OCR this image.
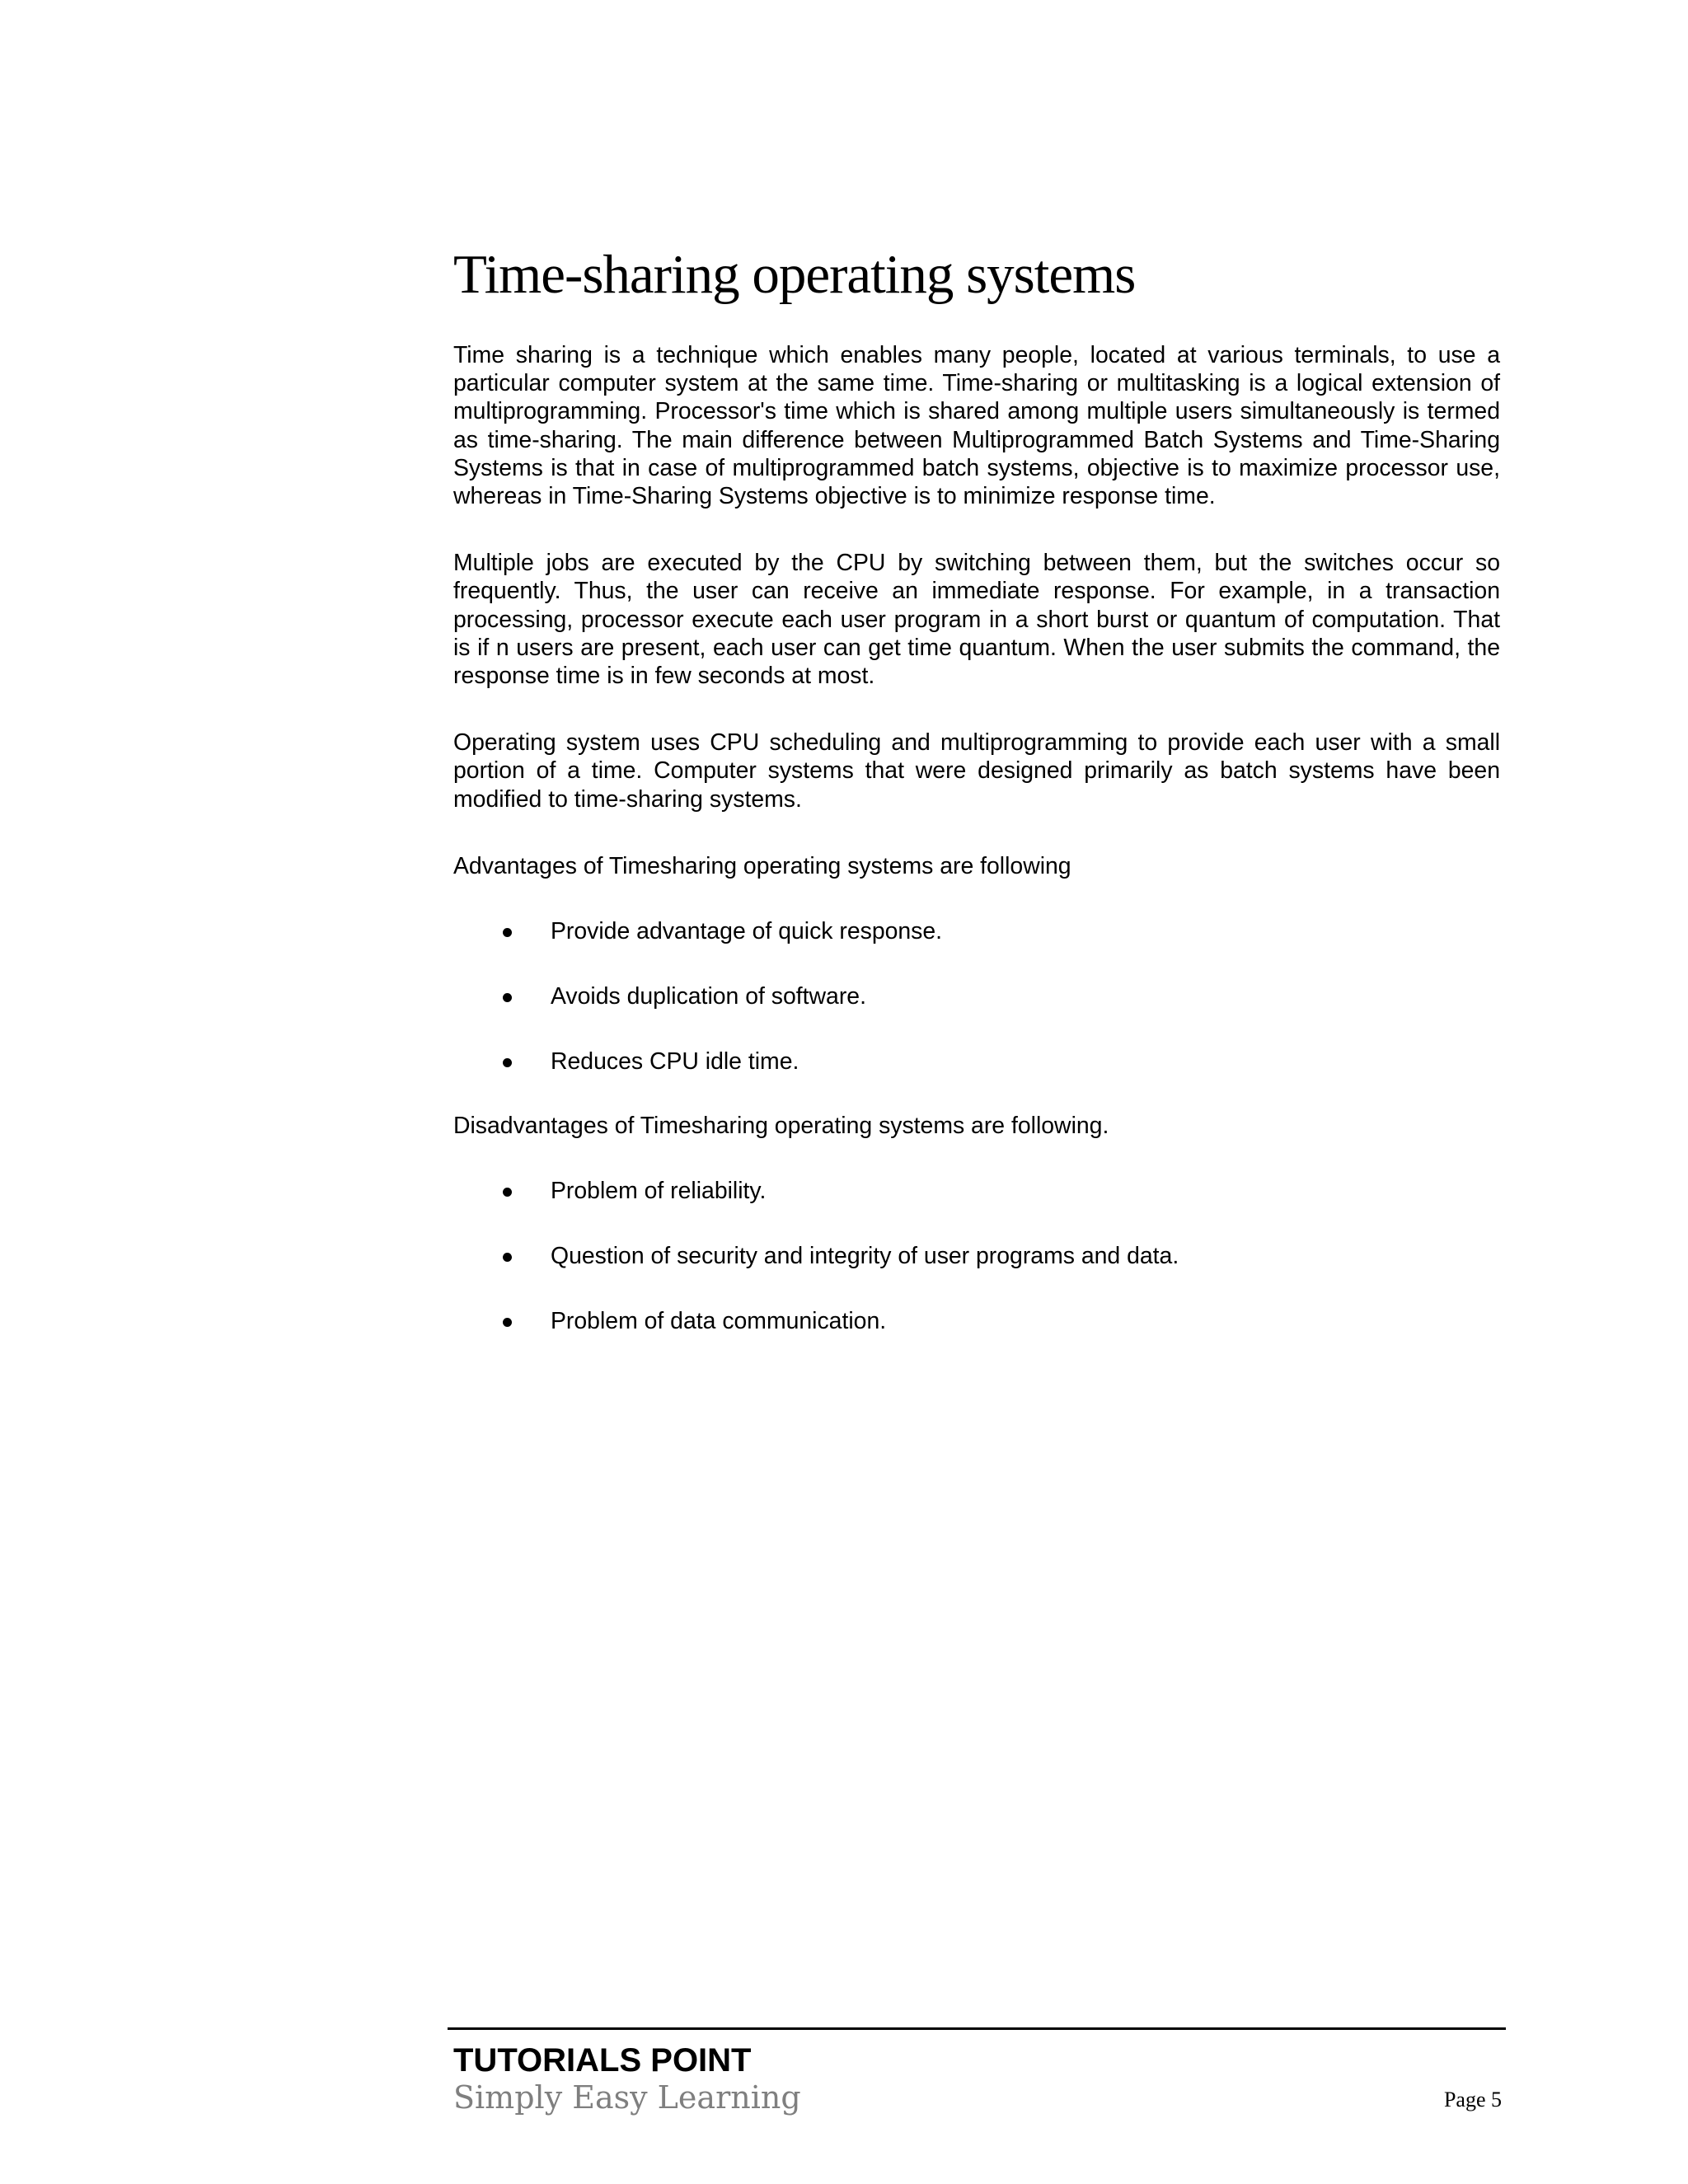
Time-sharing operating systems

Time sharing is a technique which enables many people, located at various terminals, to use a particular computer system at the same time. Time-sharing or multitasking is a logical extension of multiprogramming. Processor's time which is shared among multiple users simultaneously is termed as time-sharing. The main difference between Multiprogrammed Batch Systems and Time-Sharing Systems is that in case of multiprogrammed batch systems, objective is to maximize processor use, whereas in Time-Sharing Systems objective is to minimize response time.

Multiple jobs are executed by the CPU by switching between them, but the switches occur so frequently. Thus, the user can receive an immediate response. For example, in a transaction processing, processor execute each user program in a short burst or quantum of computation. That is if n users are present, each user can get time quantum. When the user submits the command, the response time is in few seconds at most.

Operating system uses CPU scheduling and multiprogramming to provide each user with a small portion of a time. Computer systems that were designed primarily as batch systems have been modified to time-sharing systems.

Advantages of Timesharing operating systems are following

Provide advantage of quick response.
Avoids duplication of software.
Reduces CPU idle time.

Disadvantages of Timesharing operating systems are following.

Problem of reliability.
Question of security and integrity of user programs and data.
Problem of data communication.
TUTORIALS POINT
Simply Easy Learning	Page 5
